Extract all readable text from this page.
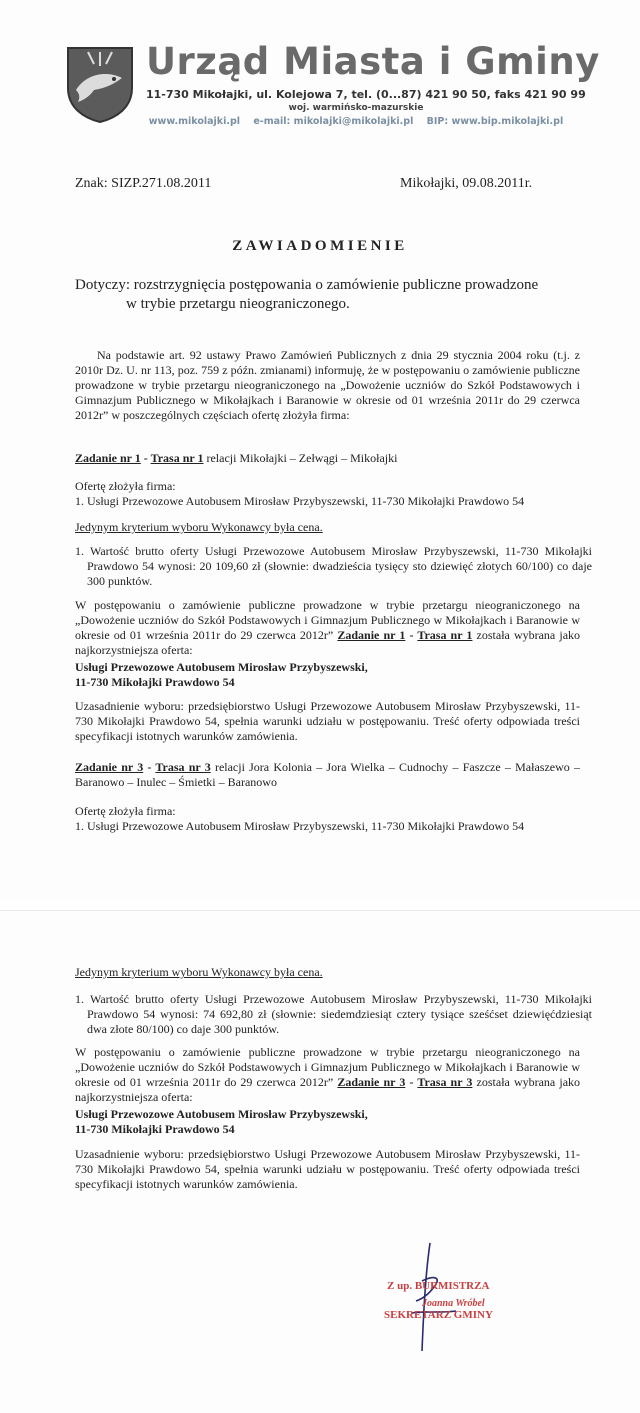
Urząd Miasta i Gminy
11-730 Mikołajki, ul. Kolejowa 7, tel. (0...87) 421 90 50, faks 421 90 99
woj. warmińsko-mazurskie
www.mikolajki.pl e-mail: mikolajki@mikolajki.pl BIP: www.bip.mikolajki.pl
Znak: SIZP.271.08.2011	Mikołajki, 09.08.2011r.
ZAWIADOMIENIE
Dotyczy: rozstrzygnięcia postępowania o zamówienie publiczne prowadzone
w trybie przetargu nieograniczonego.
Na podstawie art. 92 ustawy Prawo Zamówień Publicznych z dnia 29 stycznia 2004 roku (t.j. z 2010r Dz. U. nr 113, poz. 759 z późn. zmianami) informuję, że w postępowaniu o zamówienie publiczne prowadzone w trybie przetargu nieograniczonego na „Dowożenie uczniów do Szkół Podstawowych i Gimnazjum Publicznego w Mikołajkach i Baranowie w okresie od 01 września 2011r do 29 czerwca 2012r” w poszczególnych częściach ofertę złożyła firma:
Zadanie nr 1 - Trasa nr 1 relacji Mikołajki – Zełwągi – Mikołajki
Ofertę złożyła firma:
1. Usługi Przewozowe Autobusem Mirosław Przybyszewski, 11-730 Mikołajki Prawdowo 54
Jedynym kryterium wyboru Wykonawcy była cena.
1. Wartość brutto oferty Usługi Przewozowe Autobusem Mirosław Przybyszewski, 11-730 Mikołajki Prawdowo 54 wynosi: 20 109,60 zł (słownie: dwadzieścia tysięcy sto dziewięć złotych 60/100) co daje 300 punktów.
W postępowaniu o zamówienie publiczne prowadzone w trybie przetargu nieograniczonego na „Dowożenie uczniów do Szkół Podstawowych i Gimnazjum Publicznego w Mikołajkach i Baranowie w okresie od 01 września 2011r do 29 czerwca 2012r” Zadanie nr 1 - Trasa nr 1 została wybrana jako najkorzystniejsza oferta:
Usługi Przewozowe Autobusem Mirosław Przybyszewski,
11-730 Mikołajki Prawdowo 54
Uzasadnienie wyboru: przedsiębiorstwo Usługi Przewozowe Autobusem Mirosław Przybyszewski, 11-730 Mikołajki Prawdowo 54, spełnia warunki udziału w postępowaniu. Treść oferty odpowiada treści specyfikacji istotnych warunków zamówienia.
Zadanie nr 3 - Trasa nr 3 relacji Jora Kolonia – Jora Wielka – Cudnochy – Faszcze – Małaszewo – Baranowo – Inulec – Śmietki – Baranowo
Ofertę złożyła firma:
1. Usługi Przewozowe Autobusem Mirosław Przybyszewski, 11-730 Mikołajki Prawdowo 54
Jedynym kryterium wyboru Wykonawcy była cena.
1. Wartość brutto oferty Usługi Przewozowe Autobusem Mirosław Przybyszewski, 11-730 Mikołajki Prawdowo 54 wynosi: 74 692,80 zł (słownie: siedemdziesiąt cztery tysiące sześćset dziewięćdziesiąt dwa złote 80/100) co daje 300 punktów.
W postępowaniu o zamówienie publiczne prowadzone w trybie przetargu nieograniczonego na „Dowożenie uczniów do Szkół Podstawowych i Gimnazjum Publicznego w Mikołajkach i Baranowie w okresie od 01 września 2011r do 29 czerwca 2012r” Zadanie nr 3 - Trasa nr 3 została wybrana jako najkorzystniejsza oferta:
Usługi Przewozowe Autobusem Mirosław Przybyszewski,
11-730 Mikołajki Prawdowo 54
Uzasadnienie wyboru: przedsiębiorstwo Usługi Przewozowe Autobusem Mirosław Przybyszewski, 11-730 Mikołajki Prawdowo 54, spełnia warunki udziału w postępowaniu. Treść oferty odpowiada treści specyfikacji istotnych warunków zamówienia.
Z up. BURMISTRZA
Joanna Wróbel
SEKRETARZ GMINY
